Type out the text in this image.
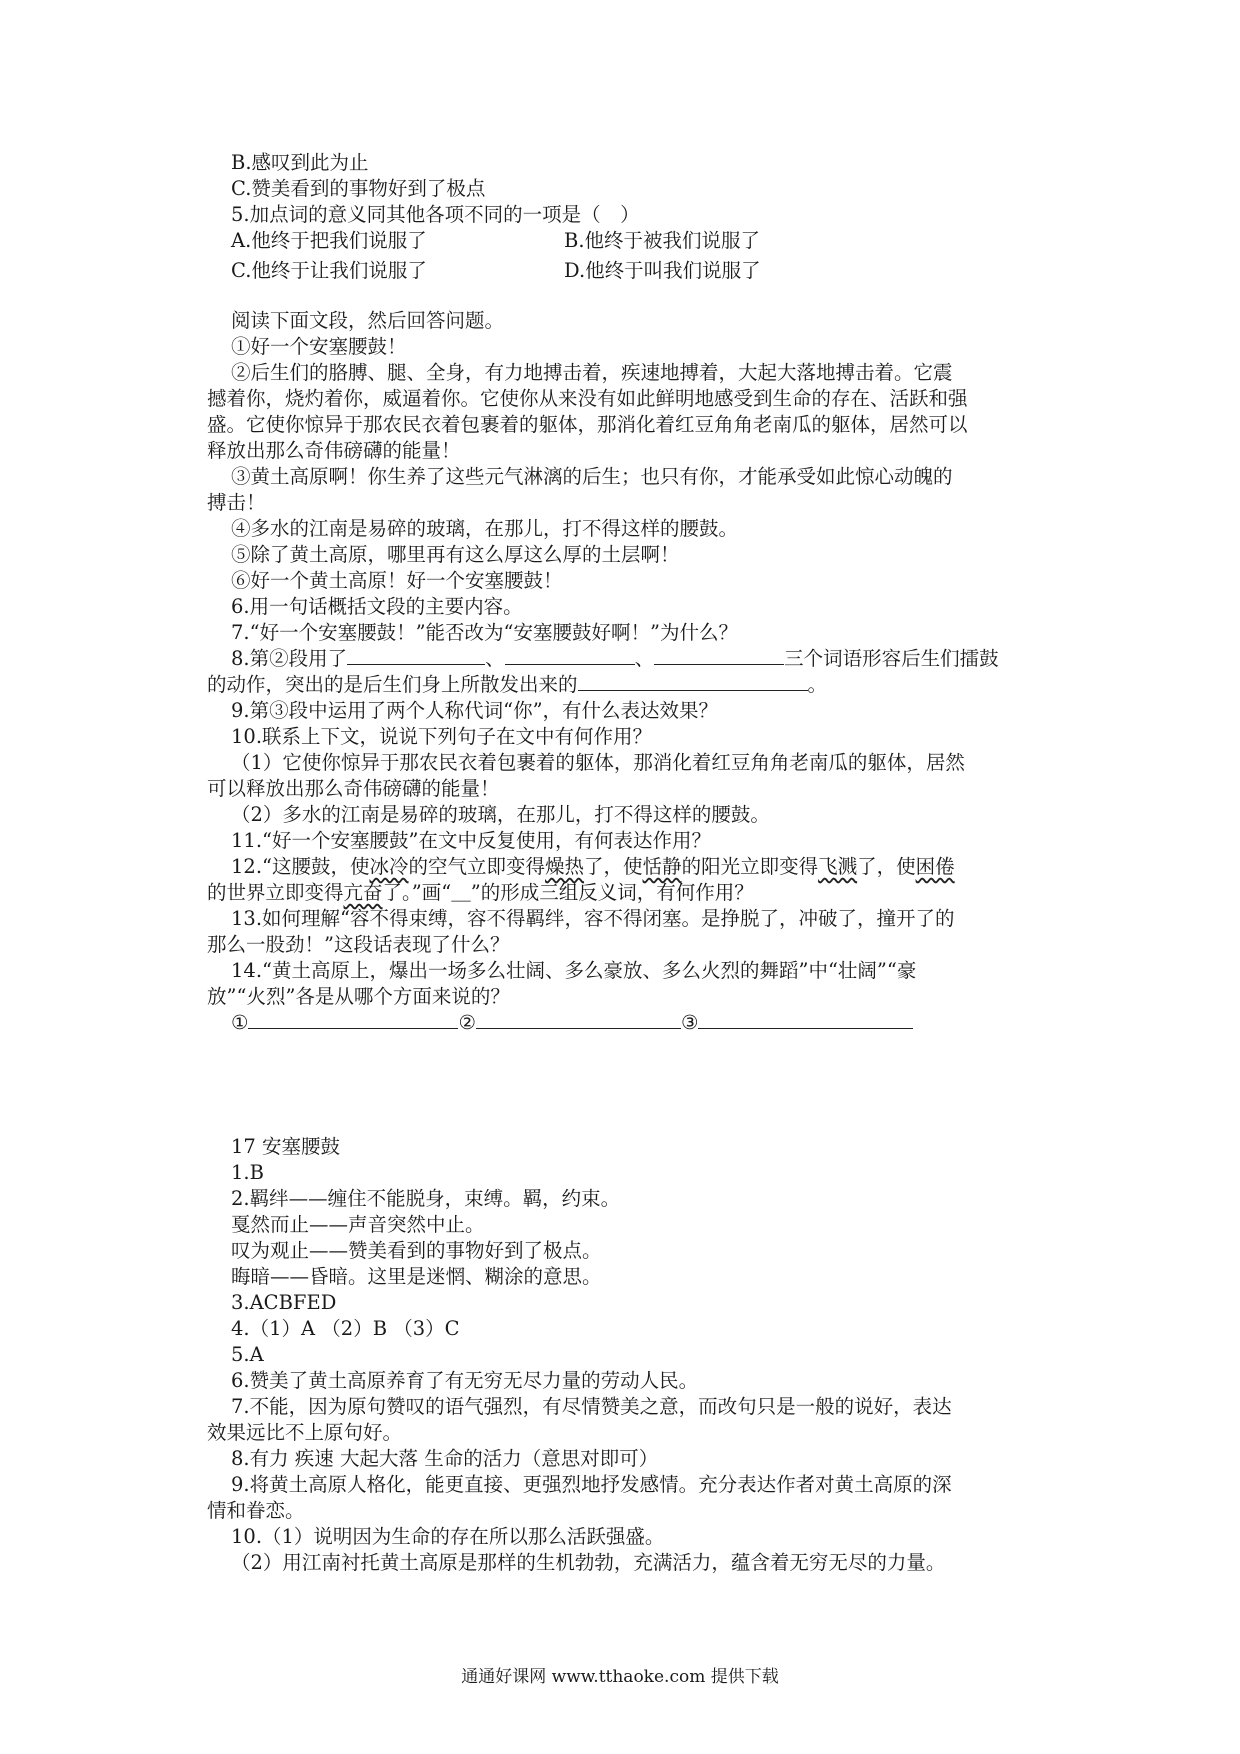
B.感叹到此为止
C.赞美看到的事物好到了极点
5.加点词的意义同其他各项不同的一项是（　）
A.他终于把我们说服了	B.他终于被我们说服了
C.他终于让我们说服了	D.他终于叫我们说服了
阅读下面文段，然后回答问题。
①好一个安塞腰鼓！
②后生们的胳膊、腿、全身，有力地搏击着，疾速地搏着，大起大落地搏击着。它震
撼着你，烧灼着你，威逼着你。它使你从来没有如此鲜明地感受到生命的存在、活跃和强
盛。它使你惊异于那农民衣着包裹着的躯体，那消化着红豆角角老南瓜的躯体，居然可以
释放出那么奇伟磅礴的能量！
③黄土高原啊！你生养了这些元气淋漓的后生；也只有你，才能承受如此惊心动魄的
搏击！
④多水的江南是易碎的玻璃，在那儿，打不得这样的腰鼓。
⑤除了黄土高原，哪里再有这么厚这么厚的土层啊！
⑥好一个黄土高原！好一个安塞腰鼓！
6.用一句话概括文段的主要内容。
7.“好一个安塞腰鼓！”能否改为“安塞腰鼓好啊！”为什么？
8.第②段用了	、	、	三个词语形容后生们擂鼓
的动作，突出的是后生们身上所散发出来的	。
9.第③段中运用了两个人称代词“你”，有什么表达效果？
10.联系上下文，说说下列句子在文中有何作用？
（1）它使你惊异于那农民衣着包裹着的躯体，那消化着红豆角角老南瓜的躯体，居然
可以释放出那么奇伟磅礴的能量！
（2）多水的江南是易碎的玻璃，在那儿，打不得这样的腰鼓。
11.“好一个安塞腰鼓”在文中反复使用，有何表达作用？
12.“这腰鼓，使冰冷的空气立即变得燥热了，使恬静的阳光立即变得飞溅了，使困倦
的世界立即变得亢奋了。”画“＿”的形成三组反义词，有何作用？
13.如何理解“容不得束缚，容不得羁绊，容不得闭塞。是挣脱了，冲破了，撞开了的
那么一股劲！”这段话表现了什么？
14.“黄土高原上，爆出一场多么壮阔、多么豪放、多么火烈的舞蹈”中“壮阔”“豪
放”“火烈”各是从哪个方面来说的？
①	②	③
17 安塞腰鼓
1.B
2.羁绊——缠住不能脱身，束缚。羁，约束。
戛然而止——声音突然中止。
叹为观止——赞美看到的事物好到了极点。
晦暗——昏暗。这里是迷惘、糊涂的意思。
3.ACBFED
4.（1）A （2）B （3）C
5.A
6.赞美了黄土高原养育了有无穷无尽力量的劳动人民。
7.不能，因为原句赞叹的语气强烈，有尽情赞美之意，而改句只是一般的说好，表达
效果远比不上原句好。
8.有力 疾速 大起大落 生命的活力（意思对即可）
9.将黄土高原人格化，能更直接、更强烈地抒发感情。充分表达作者对黄土高原的深
情和眷恋。
10.（1）说明因为生命的存在所以那么活跃强盛。
（2）用江南衬托黄土高原是那样的生机勃勃，充满活力，蕴含着无穷无尽的力量。
通通好课网 www.tthaoke.com 提供下载
